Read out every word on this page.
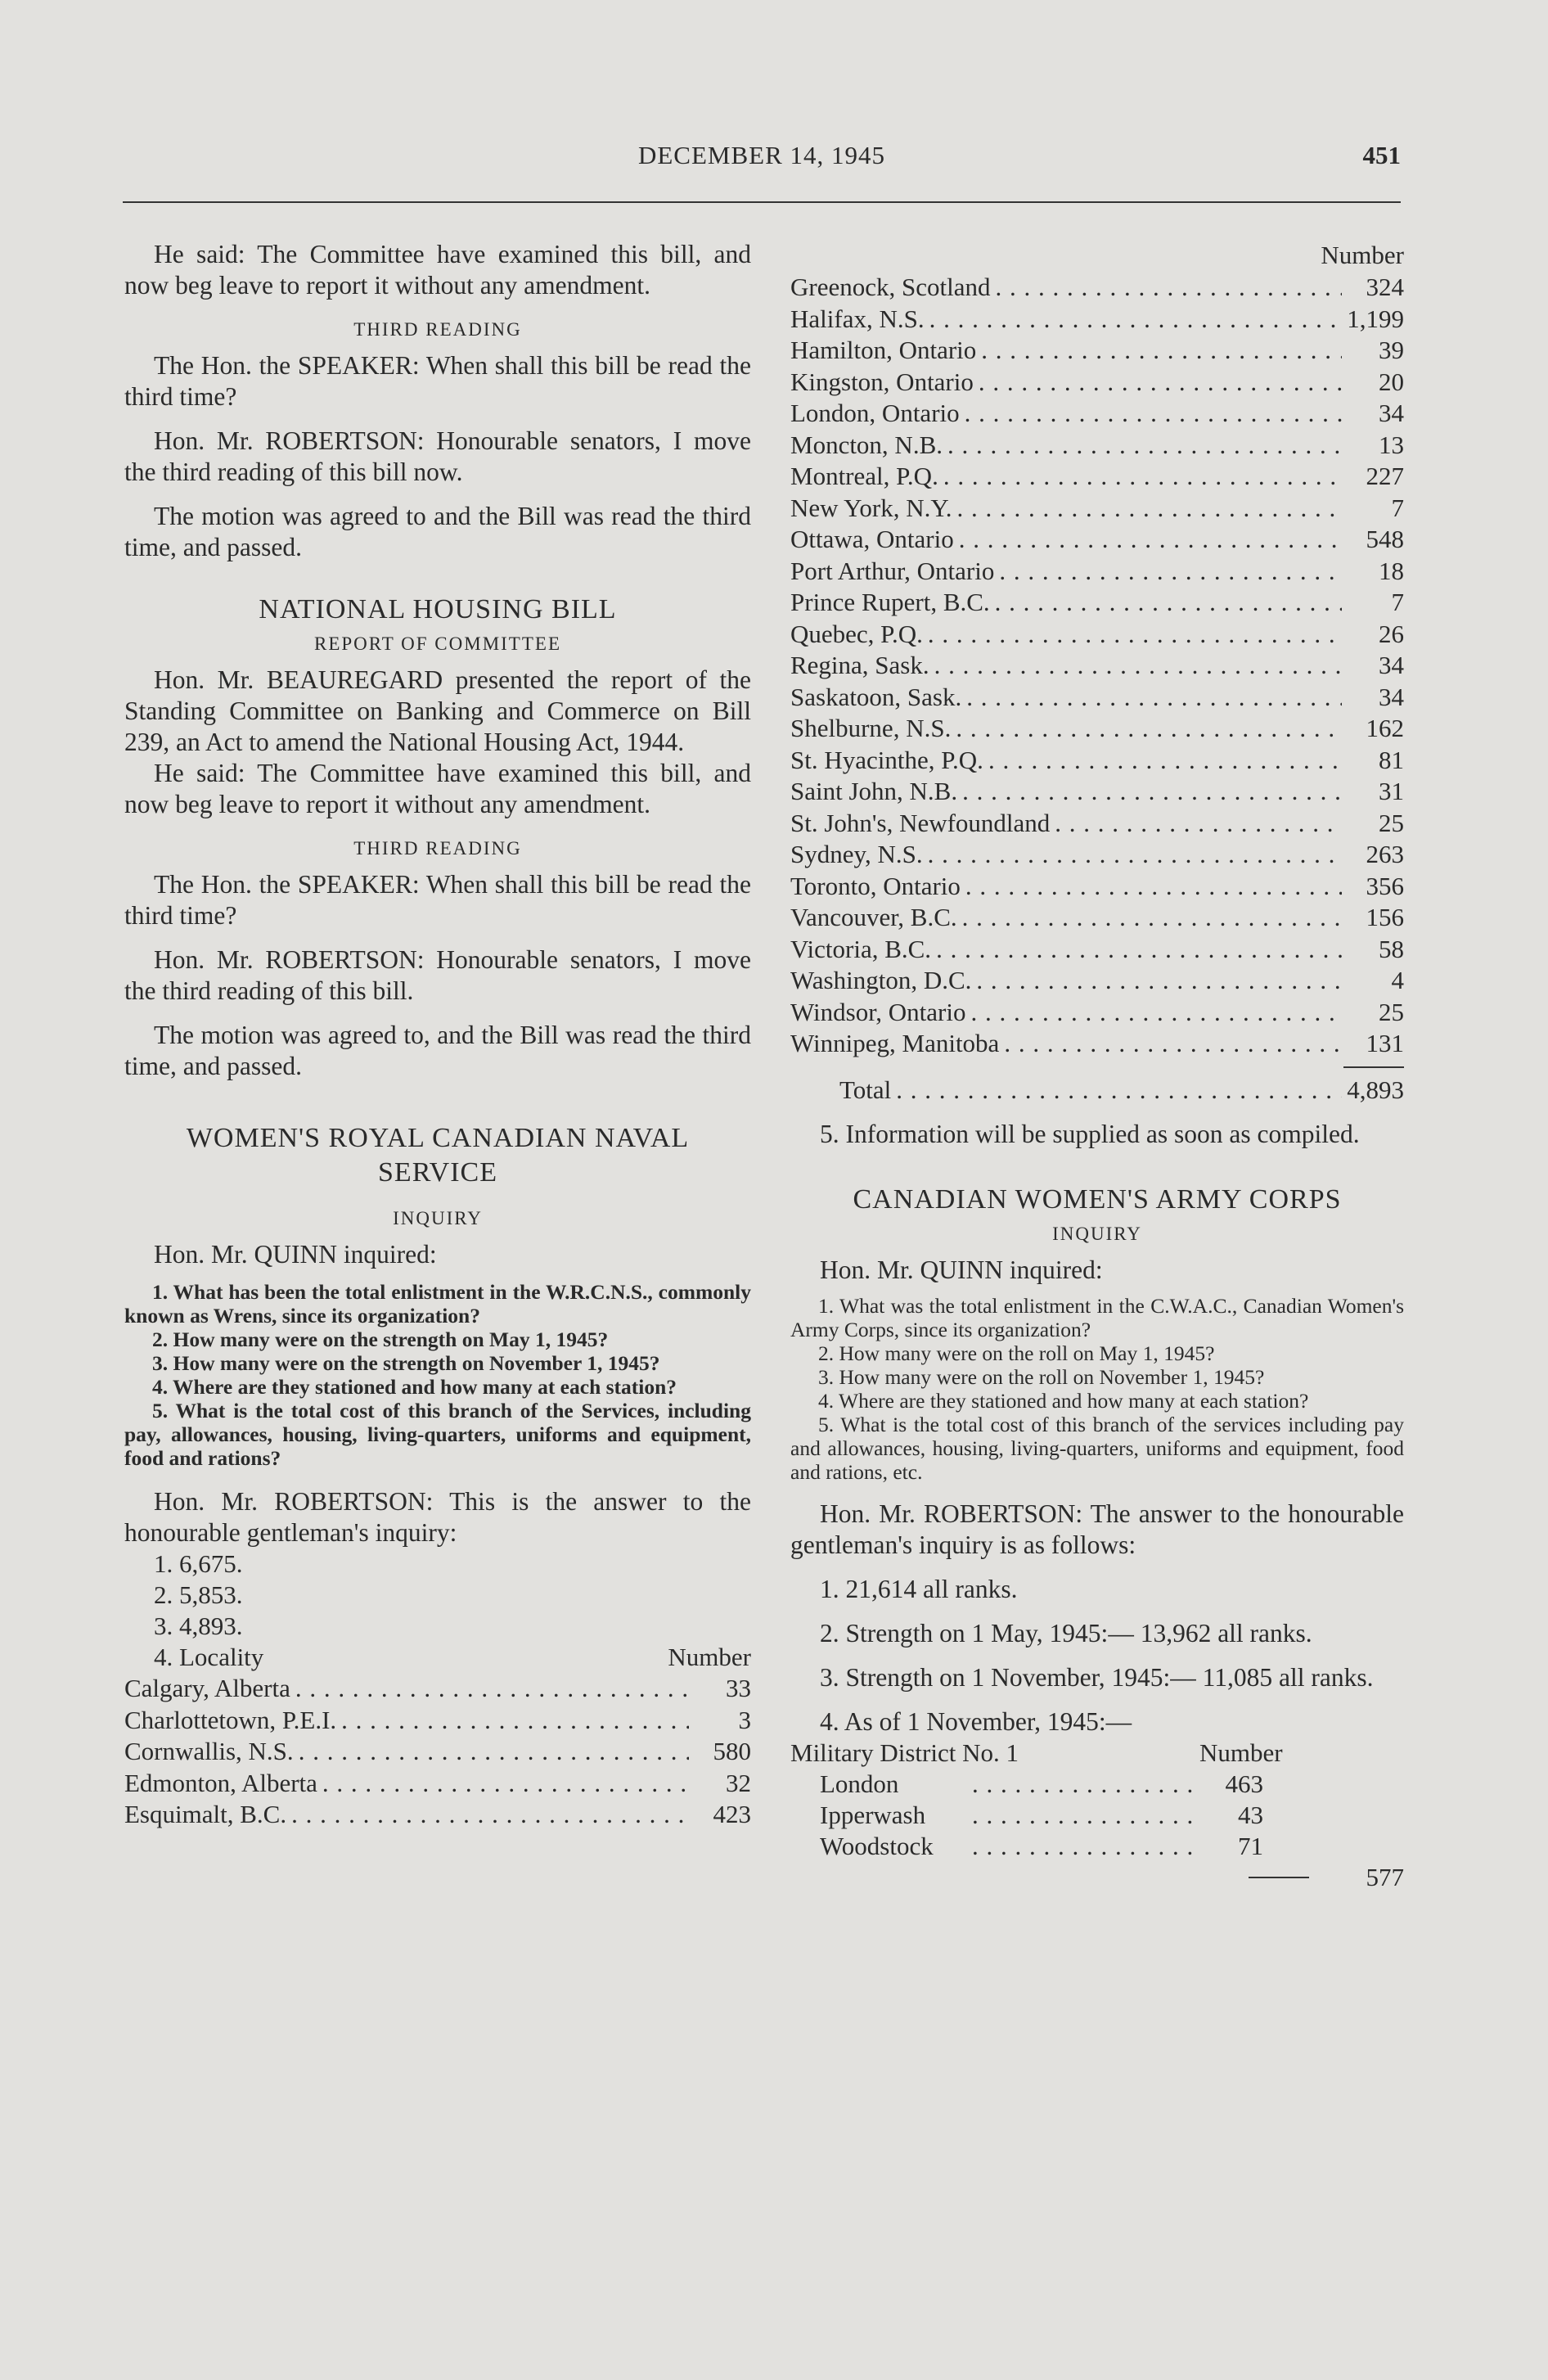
DECEMBER 14, 1945	451

He said: The Committee have examined this bill, and now beg leave to report it without any amendment.

THIRD READING

The Hon. the SPEAKER: When shall this bill be read the third time?

Hon. Mr. ROBERTSON: Honourable senators, I move the third reading of this bill now.

The motion was agreed to and the Bill was read the third time, and passed.

NATIONAL HOUSING BILL
REPORT OF COMMITTEE

Hon. Mr. BEAUREGARD presented the report of the Standing Committee on Banking and Commerce on Bill 239, an Act to amend the National Housing Act, 1944.

He said: The Committee have examined this bill, and now beg leave to report it without any amendment.

THIRD READING

The Hon. the SPEAKER: When shall this bill be read the third time?

Hon. Mr. ROBERTSON: Honourable senators, I move the third reading of this bill.

The motion was agreed to, and the Bill was read the third time, and passed.

WOMEN'S ROYAL CANADIAN NAVAL SERVICE
INQUIRY

Hon. Mr. QUINN inquired:

1. What has been the total enlistment in the W.R.C.N.S., commonly known as Wrens, since its organization?
2. How many were on the strength on May 1, 1945?
3. How many were on the strength on November 1, 1945?
4. Where are they stationed and how many at each station?
5. What is the total cost of this branch of the Services, including pay, allowances, housing, living-quarters, uniforms and equipment, food and rations?

Hon. Mr. ROBERTSON: This is the answer to the honourable gentleman's inquiry:

1. 6,675.
2. 5,853.
3. 4,893.
4. Locality	Number
Calgary, Alberta . . .	33
Charlottetown, P.E.I. . . .	3
Cornwallis, N.S. . . .	580
Edmonton, Alberta . . .	32
Esquimalt, B.C. . . .	423
Number
Greenock, Scotland . . .	324
Halifax, N.S. . . .	1,199
Hamilton, Ontario . . .	39
Kingston, Ontario . . .	20
London, Ontario . . .	34
Moncton, N.B. . . .	13
Montreal, P.Q. . . .	227
New York, N.Y. . . .	7
Ottawa, Ontario . . .	548
Port Arthur, Ontario . . .	18
Prince Rupert, B.C. . . .	7
Quebec, P.Q. . . .	26
Regina, Sask. . . .	34
Saskatoon, Sask. . . .	34
Shelburne, N.S. . . .	162
St. Hyacinthe, P.Q. . . .	81
Saint John, N.B. . . .	31
St. John's, Newfoundland . . .	25
Sydney, N.S. . . .	263
Toronto, Ontario . . .	356
Vancouver, B.C. . . .	156
Victoria, B.C. . . .	58
Washington, D.C. . . .	4
Windsor, Ontario . . .	25
Winnipeg, Manitoba . . .	131
Total . . .	4,893

5. Information will be supplied as soon as compiled.

CANADIAN WOMEN'S ARMY CORPS
INQUIRY

Hon. Mr. QUINN inquired:

1. What was the total enlistment in the C.W.A.C., Canadian Women's Army Corps, since its organization?
2. How many were on the roll on May 1, 1945?
3. How many were on the roll on November 1, 1945?
4. Where are they stationed and how many at each station?
5. What is the total cost of this branch of the services including pay and allowances, housing, living-quarters, uniforms and equipment, food and rations, etc.

Hon. Mr. ROBERTSON: The answer to the honourable gentleman's inquiry is as follows:

1. 21,614 all ranks.

2. Strength on 1 May, 1945:— 13,962 all ranks.

3. Strength on 1 November, 1945:— 11,085 all ranks.

4. As of 1 November, 1945:—

Military District No. 1	Number
London . . .	463
Ipperwash . . .	43
Woodstock . . .	71
577
